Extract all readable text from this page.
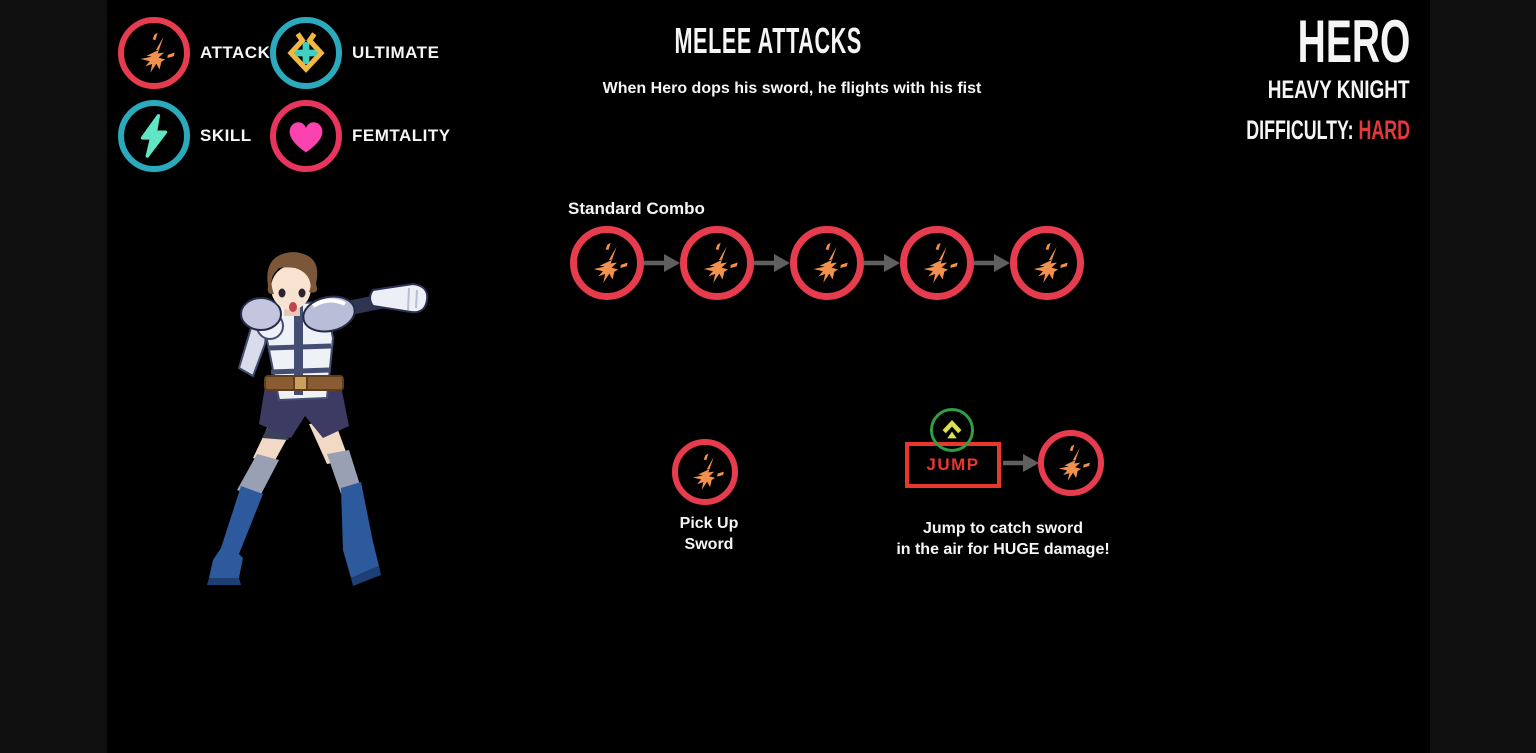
ATTACK	ULTIMATE
SKILL	FEMTALITY
MELEE ATTACKS
When Hero dops his sword, he flights with his fist
HERO
HEAVY KNIGHT
DIFFICULTY: HARD
Standard Combo
Pick Up
Sword
JUMP
Jump to catch sword
in the air for HUGE damage!
